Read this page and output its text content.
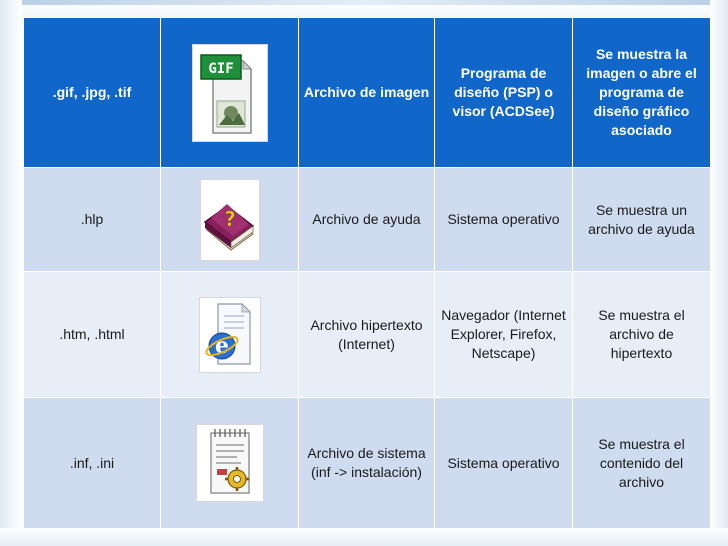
.gif, .jpg, .tif	GIF	Archivo de imagen	Programa de diseño (PSP) o visor (ACDSee)	Se muestra la imagen o abre el programa de diseño gráfico asociado
.hlp	?	Archivo de ayuda	Sistema operativo	Se muestra un archivo de ayuda
.htm, .html	e	Archivo hipertexto (Internet)	Navegador (Internet Explorer, Firefox, Netscape)	Se muestra el archivo de hipertexto
.inf, .ini		Archivo de sistema (inf -> instalación)	Sistema operativo	Se muestra el contenido del archivo
